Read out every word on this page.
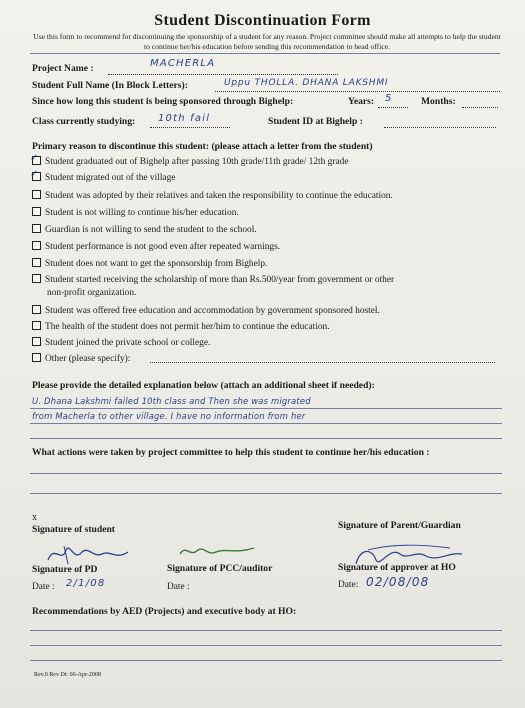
Student Discontinuation Form
Use this form to recommend for discontinuing the sponsorship of a student for any reason. Project committee should make all attempts to help the student to continue her/his education before sending this recommendation to head office.
Project Name :	MACHERLA
Student Full Name (In Block Letters):	Uppu THOLLA. DHANA LAKSHMI
Since how long this student is being sponsored through Bighelp:	Years: 5	Months:
Class currently studying: 10th fail	Student ID at Bighelp :
Primary reason to discontinue this student: (please attach a letter from the student)
Student graduated out of Bighelp after passing 10th grade/11th grade/ 12th grade
✓
Student migrated out of the village
✓
Student was adopted by their relatives and taken the responsibility to continue the education.
Student is not willing to continue his/her education.
Guardian is not willing to send the student to the school.
Student performance is not good even after repeated warnings.
Student does not want to get the sponsorship from Bighelp.
Student started receiving the scholarship of more than Rs.500/year from government or other
non-profit organization.
Student was offered free education and accommodation by government sponsored hostel.
The health of the student does not permit her/him to continue the education.
Student joined the private school or college.
Other (please specify):
Please provide the detailed explanation below (attach an additional sheet if needed):
U. Dhana Lakshmi failed 10th class and Then she was migrated
from Macherla to other village. I have no information from her
What actions were taken by project committee to help this student to continue her/his education :
x
Signature of student	Signature of Parent/Guardian
Signature of PD	Signature of PCC/auditor	Signature of approver at HO
Date : 2/1/08	Date :	Date: 02/08/08
Recommendations by AED (Projects) and executive body at HO:
Rev.0 Rev Dt: 06-Apr-2008
